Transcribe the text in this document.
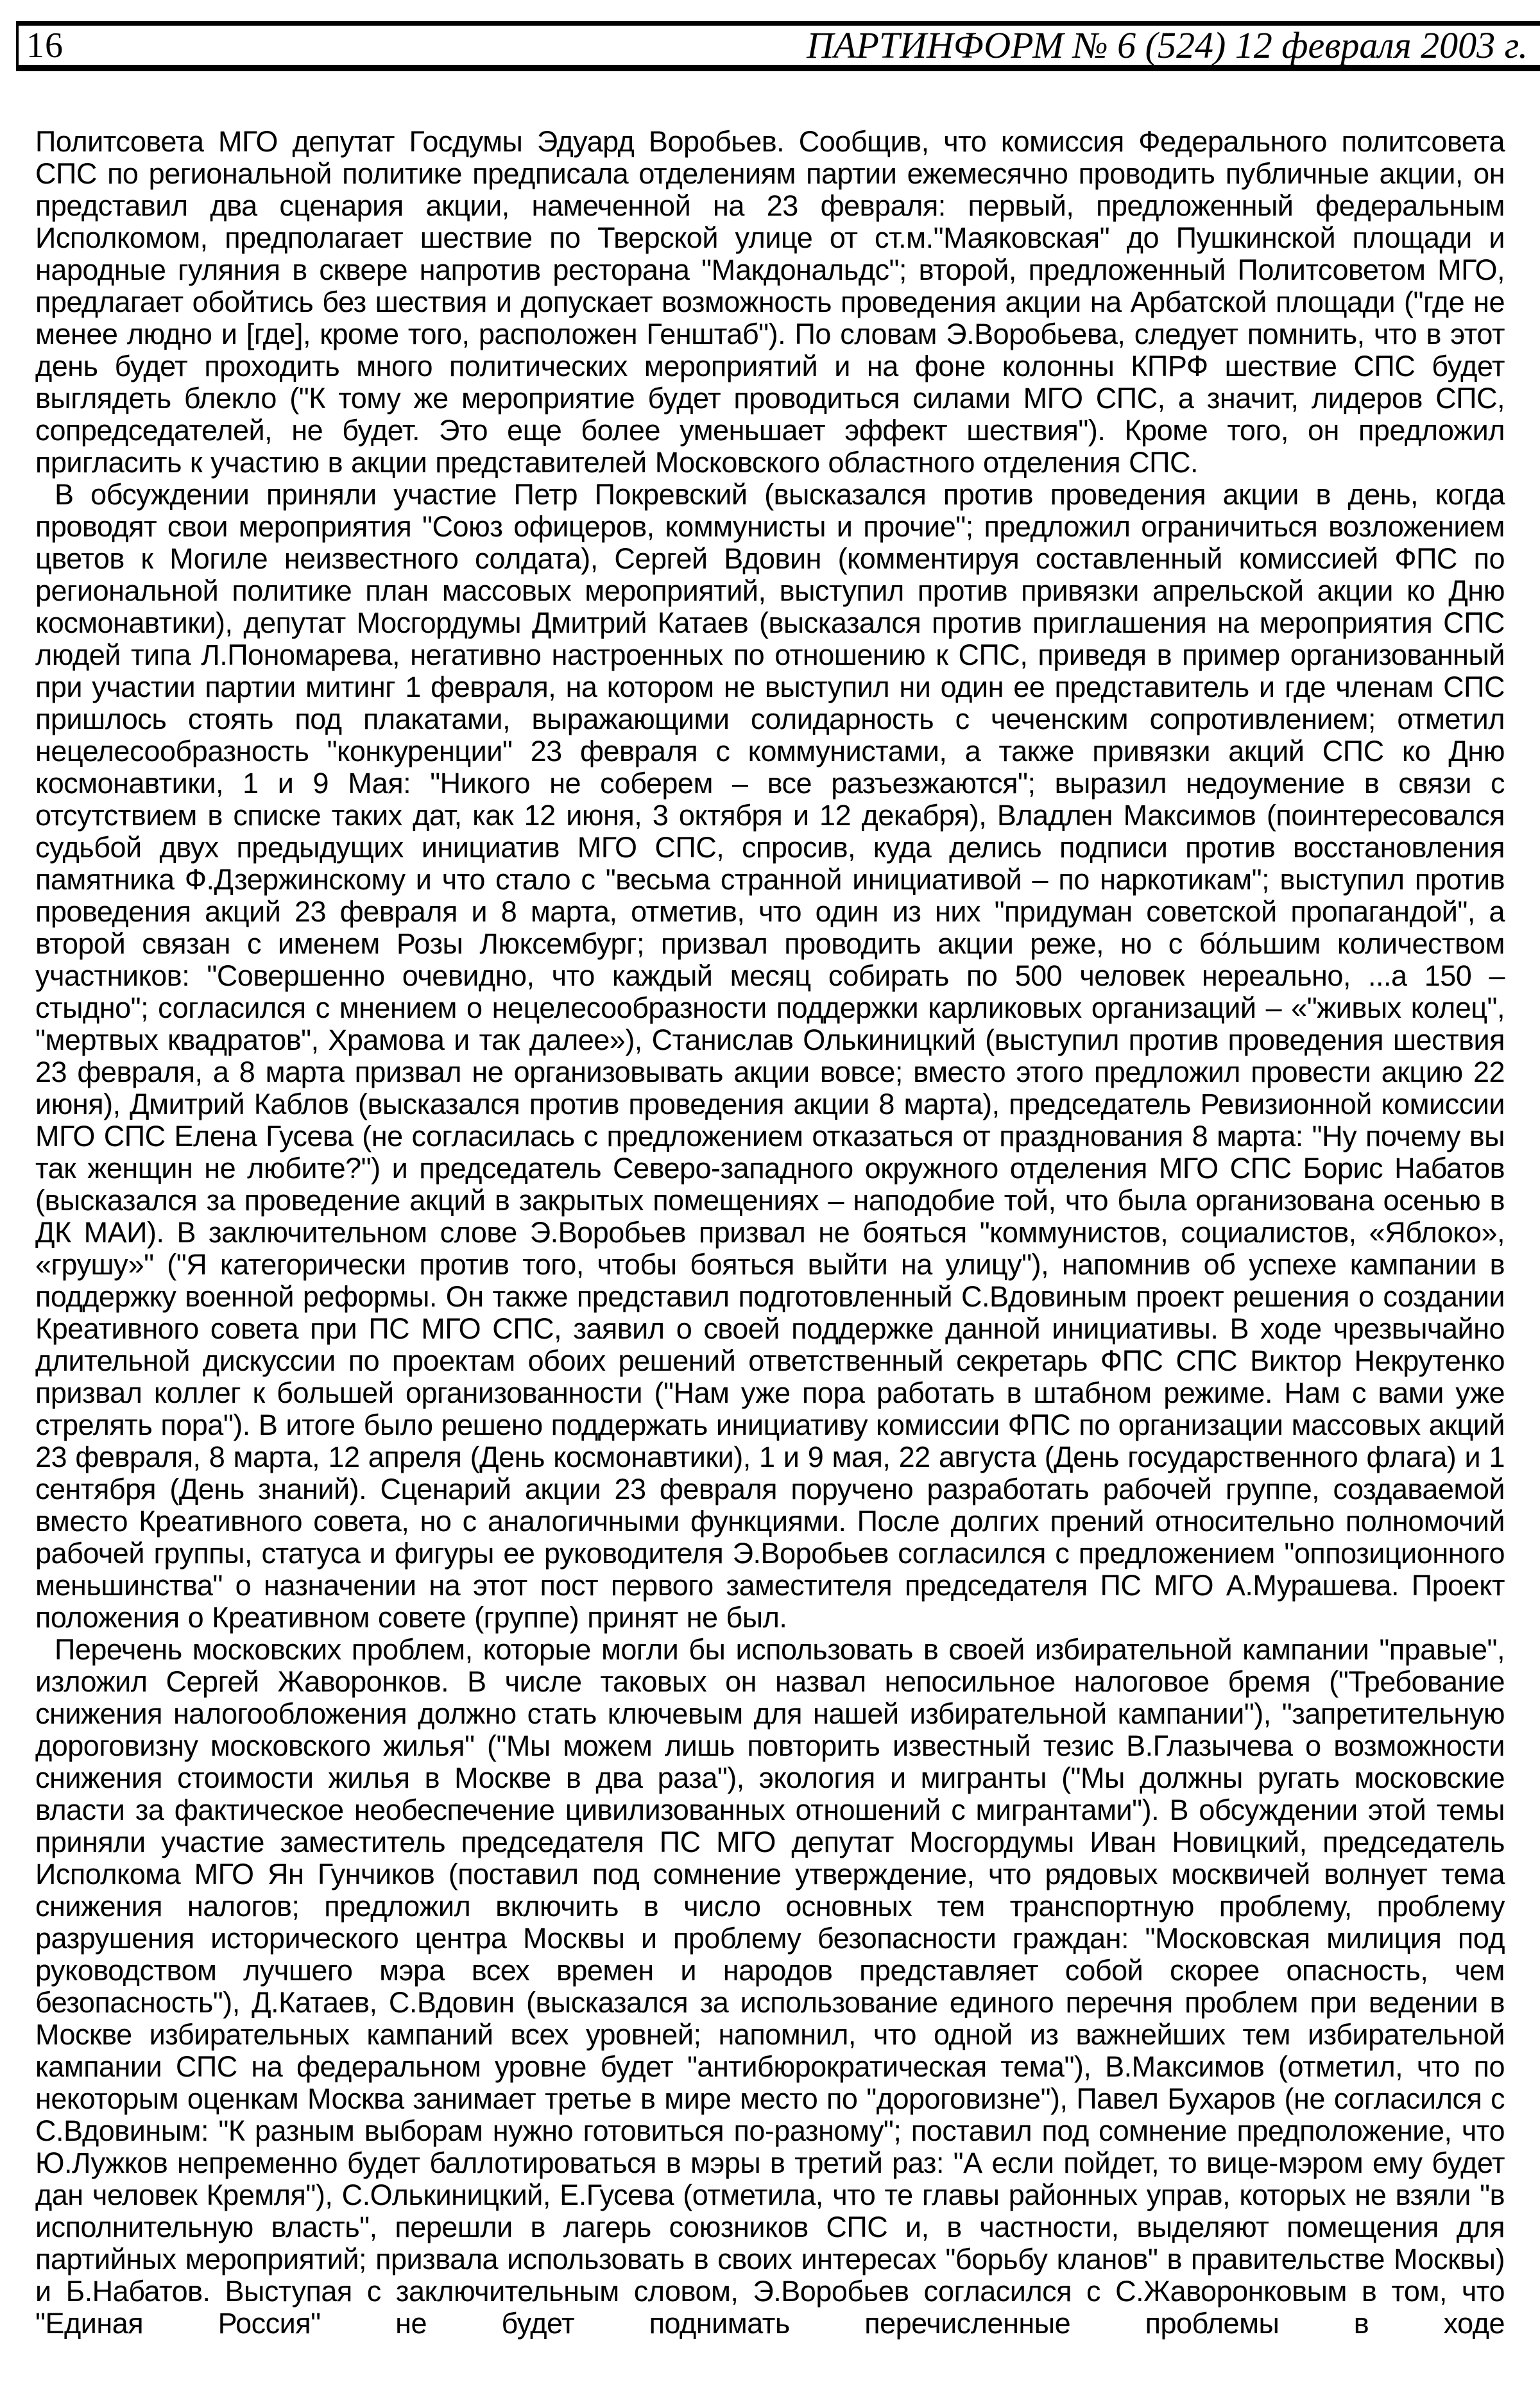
16	ПАРТИНФОРМ № 6 (524) 12 февраля 2003 г.

Политсовета МГО депутат Госдумы Эдуард Воробьев. Сообщив, что комиссия Федерального политсовета СПС по региональной политике предписала отделениям партии ежемесячно проводить публичные акции, он представил два сценария акции, намеченной на 23 февраля: первый, предложенный федеральным Исполкомом, предполагает шествие по Тверской улице от ст.м."Маяковская" до Пушкинской площади и народные гуляния в сквере напротив ресторана "Макдональдс"; второй, предложенный Политсоветом МГО, предлагает обойтись без шествия и допускает возможность проведения акции на Арбатской площади ("где не менее людно и [где], кроме того, расположен Генштаб"). По словам Э.Воробьева, следует помнить, что в этот день будет проходить много политических мероприятий и на фоне колонны КПРФ шествие СПС будет выглядеть блекло ("К тому же мероприятие будет проводиться силами МГО СПС, а значит, лидеров СПС, сопредседателей, не будет. Это еще более уменьшает эффект шествия"). Кроме того, он предложил пригласить к участию в акции представителей Московского областного отделения СПС.

В обсуждении приняли участие Петр Покревский (высказался против проведения акции в день, когда проводят свои мероприятия "Союз офицеров, коммунисты и прочие"; предложил ограничиться возложением цветов к Могиле неизвестного солдата), Сергей Вдовин (комментируя составленный комиссией ФПС по региональной политике план массовых мероприятий, выступил против привязки апрельской акции ко Дню космонавтики), депутат Мосгордумы Дмитрий Катаев (высказался против приглашения на мероприятия СПС людей типа Л.Пономарева, негативно настроенных по отношению к СПС, приведя в пример организованный при участии партии митинг 1 февраля, на котором не выступил ни один ее представитель и где членам СПС пришлось стоять под плакатами, выражающими солидарность с чеченским сопротивлением; отметил нецелесообразность "конкуренции" 23 февраля с коммунистами, а также привязки акций СПС ко Дню космонавтики, 1 и 9 Мая: "Никого не соберем – все разъезжаются"; выразил недоумение в связи с отсутствием в списке таких дат, как 12 июня, 3 октября и 12 декабря), Владлен Максимов (поинтересовался судьбой двух предыдущих инициатив МГО СПС, спросив, куда делись подписи против восстановления памятника Ф.Дзержинскому и что стало с "весьма странной инициативой – по наркотикам"; выступил против проведения акций 23 февраля и 8 марта, отметив, что один из них "придуман советской пропагандой", а второй связан с именем Розы Люксембург; призвал проводить акции реже, но с бо́льшим количеством участников: "Совершенно очевидно, что каждый месяц собирать по 500 человек нереально, ...а 150 – стыдно"; согласился с мнением о нецелесообразности поддержки карликовых организаций – «"живых колец", "мертвых квадратов", Храмова и так далее»), Станислав Олькиницкий (выступил против проведения шествия 23 февраля, а 8 марта призвал не организовывать акции вовсе; вместо этого предложил провести акцию 22 июня), Дмитрий Каблов (высказался против проведения акции 8 марта), председатель Ревизионной комиссии МГО СПС Елена Гусева (не согласилась с предложением отказаться от празднования 8 марта: "Ну почему вы так женщин не любите?") и председатель Северо-западного окружного отделения МГО СПС Борис Набатов (высказался за проведение акций в закрытых помещениях – наподобие той, что была организована осенью в ДК МАИ). В заключительном слове Э.Воробьев призвал не бояться "коммунистов, социалистов, «Яблоко», «грушу»" ("Я категорически против того, чтобы бояться выйти на улицу"), напомнив об успехе кампании в поддержку военной реформы. Он также представил подготовленный С.Вдовиным проект решения о создании Креативного совета при ПС МГО СПС, заявил о своей поддержке данной инициативы. В ходе чрезвычайно длительной дискуссии по проектам обоих решений ответственный секретарь ФПС СПС Виктор Некрутенко призвал коллег к большей организованности ("Нам уже пора работать в штабном режиме. Нам с вами уже стрелять пора"). В итоге было решено поддержать инициативу комиссии ФПС по организации массовых акций 23 февраля, 8 марта, 12 апреля (День космонавтики), 1 и 9 мая, 22 августа (День государственного флага) и 1 сентября (День знаний). Сценарий акции 23 февраля поручено разработать рабочей группе, создаваемой вместо Креативного совета, но с аналогичными функциями. После долгих прений относительно полномочий рабочей группы, статуса и фигуры ее руководителя Э.Воробьев согласился с предложением "оппозиционного меньшинства" о назначении на этот пост первого заместителя председателя ПС МГО А.Мурашева. Проект положения о Креативном совете (группе) принят не был.

Перечень московских проблем, которые могли бы использовать в своей избирательной кампании "правые", изложил Сергей Жаворонков. В числе таковых он назвал непосильное налоговое бремя ("Требование снижения налогообложения должно стать ключевым для нашей избирательной кампании"), "запретительную дороговизну московского жилья" ("Мы можем лишь повторить известный тезис В.Глазычева о возможности снижения стоимости жилья в Москве в два раза"), экология и мигранты ("Мы должны ругать московские власти за фактическое необеспечение цивилизованных отношений с мигрантами"). В обсуждении этой темы приняли участие заместитель председателя ПС МГО депутат Мосгордумы Иван Новицкий, председатель Исполкома МГО Ян Гунчиков (поставил под сомнение утверждение, что рядовых москвичей волнует тема снижения налогов; предложил включить в число основных тем транспортную проблему, проблему разрушения исторического центра Москвы и проблему безопасности граждан: "Московская милиция под руководством лучшего мэра всех времен и народов представляет собой скорее опасность, чем безопасность"), Д.Катаев, С.Вдовин (высказался за использование единого перечня проблем при ведении в Москве избирательных кампаний всех уровней; напомнил, что одной из важнейших тем избирательной кампании СПС на федеральном уровне будет "антибюрократическая тема"), В.Максимов (отметил, что по некоторым оценкам Москва занимает третье в мире место по "дороговизне"), Павел Бухаров (не согласился с С.Вдовиным: "К разным выборам нужно готовиться по-разному"; поставил под сомнение предположение, что Ю.Лужков непременно будет баллотироваться в мэры в третий раз: "А если пойдет, то вице-мэром ему будет дан человек Кремля"), С.Олькиницкий, Е.Гусева (отметила, что те главы районных управ, которых не взяли "в исполнительную власть", перешли в лагерь союзников СПС и, в частности, выделяют помещения для партийных мероприятий; призвала использовать в своих интересах "борьбу кланов" в правительстве Москвы) и Б.Набатов. Выступая с заключительным словом, Э.Воробьев согласился с С.Жаворонковым в том, что "Единая Россия" не будет поднимать перечисленные проблемы в ходе
